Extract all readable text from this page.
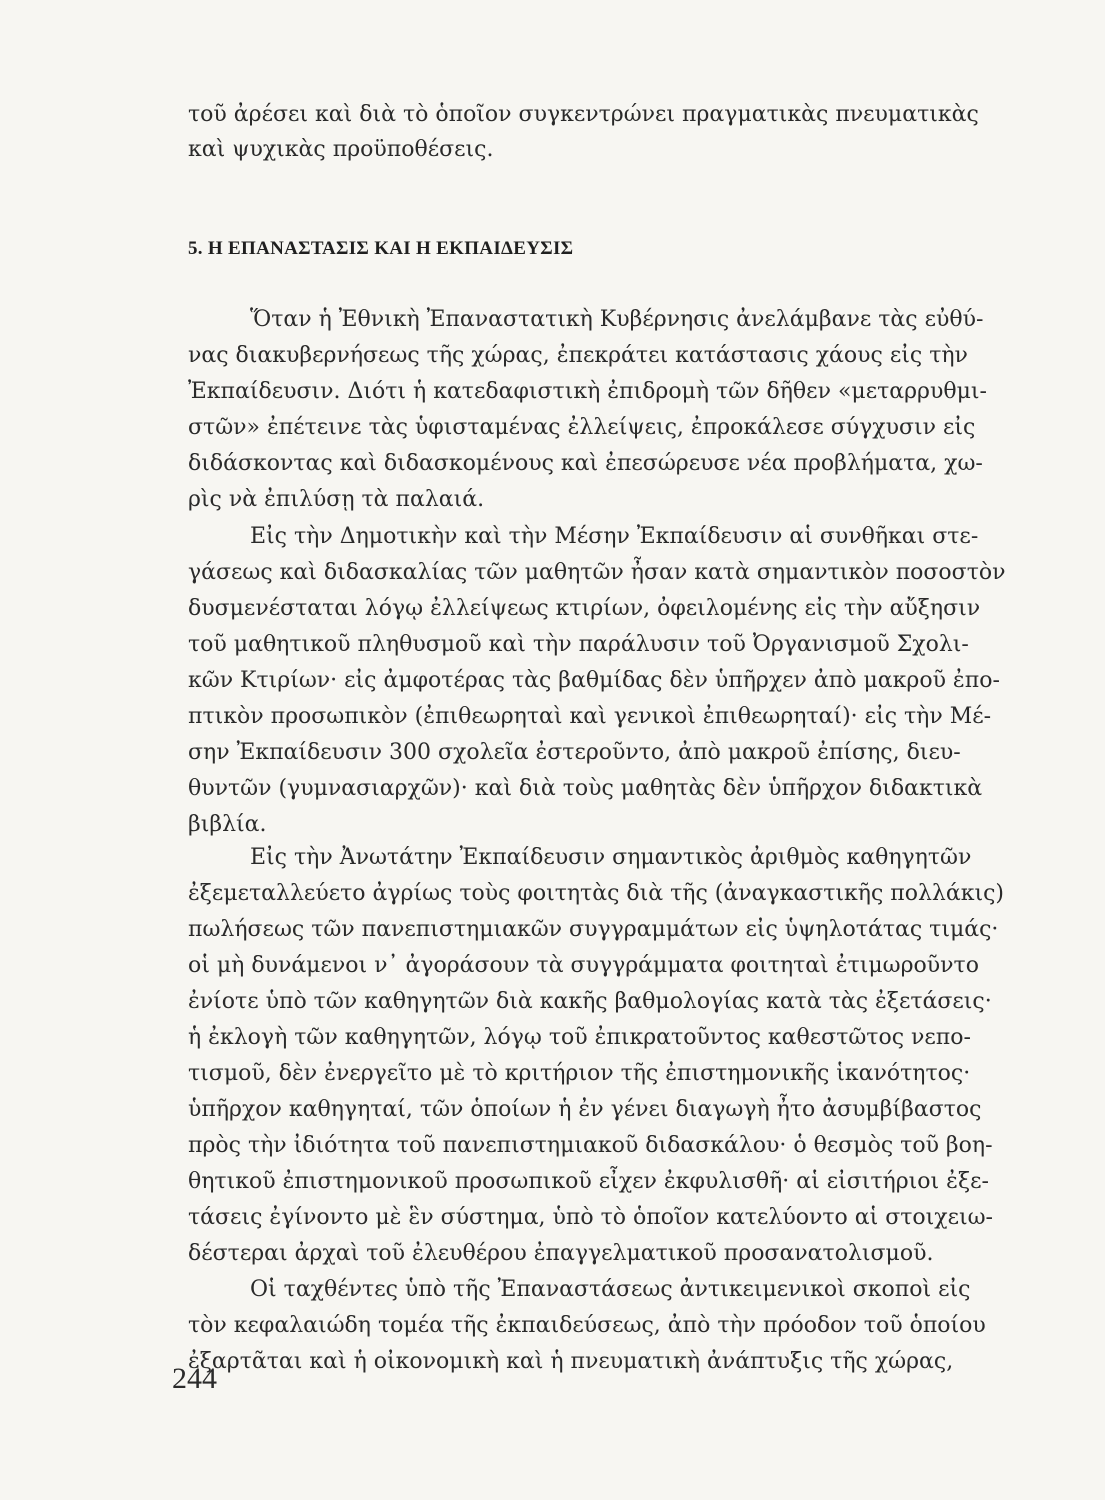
τοῦ ἀρέσει καὶ διὰ τὸ ὁποῖον συγκεντρώνει πραγματικὰς πνευματικὰς
καὶ ψυχικὰς προϋποθέσεις.
5. Η ΕΠΑΝΑΣΤΑΣΙΣ ΚΑΙ Η ΕΚΠΑΙΔΕΥΣΙΣ
Ὅταν ἡ Ἐθνικὴ Ἐπαναστατικὴ Κυβέρνησις ἀνελάμβανε τὰς εὐθύ-
νας διακυβερνήσεως τῆς χώρας, ἐπεκράτει κατάστασις χάους εἰς τὴν
Ἐκπαίδευσιν. Διότι ἡ κατεδαφιστικὴ ἐπιδρομὴ τῶν δῆθεν «μεταρρυθμι-
στῶν» ἐπέτεινε τὰς ὑφισταμένας ἐλλείψεις, ἐπροκάλεσε σύγχυσιν εἰς
διδάσκοντας καὶ διδασκομένους καὶ ἐπεσώρευσε νέα προβλήματα, χω-
ρὶς νὰ ἐπιλύσῃ τὰ παλαιά.
Εἰς τὴν Δημοτικὴν καὶ τὴν Μέσην Ἐκπαίδευσιν αἱ συνθῆκαι στε-
γάσεως καὶ διδασκαλίας τῶν μαθητῶν ἦσαν κατὰ σημαντικὸν ποσοστὸν
δυσμενέσταται λόγῳ ἐλλείψεως κτιρίων, ὀφειλομένης εἰς τὴν αὔξησιν
τοῦ μαθητικοῦ πληθυσμοῦ καὶ τὴν παράλυσιν τοῦ Ὀργανισμοῦ Σχολι-
κῶν Κτιρίων· εἰς ἀμφοτέρας τὰς βαθμίδας δὲν ὑπῆρχεν ἀπὸ μακροῦ ἐπο-
πτικὸν προσωπικὸν (ἐπιθεωρηταὶ καὶ γενικοὶ ἐπιθεωρηταί)· εἰς τὴν Μέ-
σην Ἐκπαίδευσιν 300 σχολεῖα ἐστεροῦντο, ἀπὸ μακροῦ ἐπίσης, διευ-
θυντῶν (γυμνασιαρχῶν)· καὶ διὰ τοὺς μαθητὰς δὲν ὑπῆρχον διδακτικὰ
βιβλία.
Εἰς τὴν Ἀνωτάτην Ἐκπαίδευσιν σημαντικὸς ἀριθμὸς καθηγητῶν
ἐξεμεταλλεύετο ἀγρίως τοὺς φοιτητὰς διὰ τῆς (ἀναγκαστικῆς πολλάκις)
πωλήσεως τῶν πανεπιστημιακῶν συγγραμμάτων εἰς ὑψηλοτάτας τιμάς·
οἱ μὴ δυνάμενοι ν᾽ ἀγοράσουν τὰ συγγράμματα φοιτηταὶ ἐτιμωροῦντο
ἐνίοτε ὑπὸ τῶν καθηγητῶν διὰ κακῆς βαθμολογίας κατὰ τὰς ἐξετάσεις·
ἡ ἐκλογὴ τῶν καθηγητῶν, λόγῳ τοῦ ἐπικρατοῦντος καθεστῶτος νεπο-
τισμοῦ, δὲν ἐνεργεῖτο μὲ τὸ κριτήριον τῆς ἐπιστημονικῆς ἱκανότητος·
ὑπῆρχον καθηγηταί, τῶν ὁποίων ἡ ἐν γένει διαγωγὴ ἦτο ἀσυμβίβαστος
πρὸς τὴν ἰδιότητα τοῦ πανεπιστημιακοῦ διδασκάλου· ὁ θεσμὸς τοῦ βοη-
θητικοῦ ἐπιστημονικοῦ προσωπικοῦ εἶχεν ἐκφυλισθῆ· αἱ εἰσιτήριοι ἐξε-
τάσεις ἐγίνοντο μὲ ἓν σύστημα, ὑπὸ τὸ ὁποῖον κατελύοντο αἱ στοιχειω-
δέστεραι ἀρχαὶ τοῦ ἐλευθέρου ἐπαγγελματικοῦ προσανατολισμοῦ.
Οἱ ταχθέντες ὑπὸ τῆς Ἐπαναστάσεως ἀντικειμενικοὶ σκοποὶ εἰς
τὸν κεφαλαιώδη τομέα τῆς ἐκπαιδεύσεως, ἀπὸ τὴν πρόοδον τοῦ ὁποίου
ἐξαρτᾶται καὶ ἡ οἰκονομικὴ καὶ ἡ πνευματικὴ ἀνάπτυξις τῆς χώρας,
244
